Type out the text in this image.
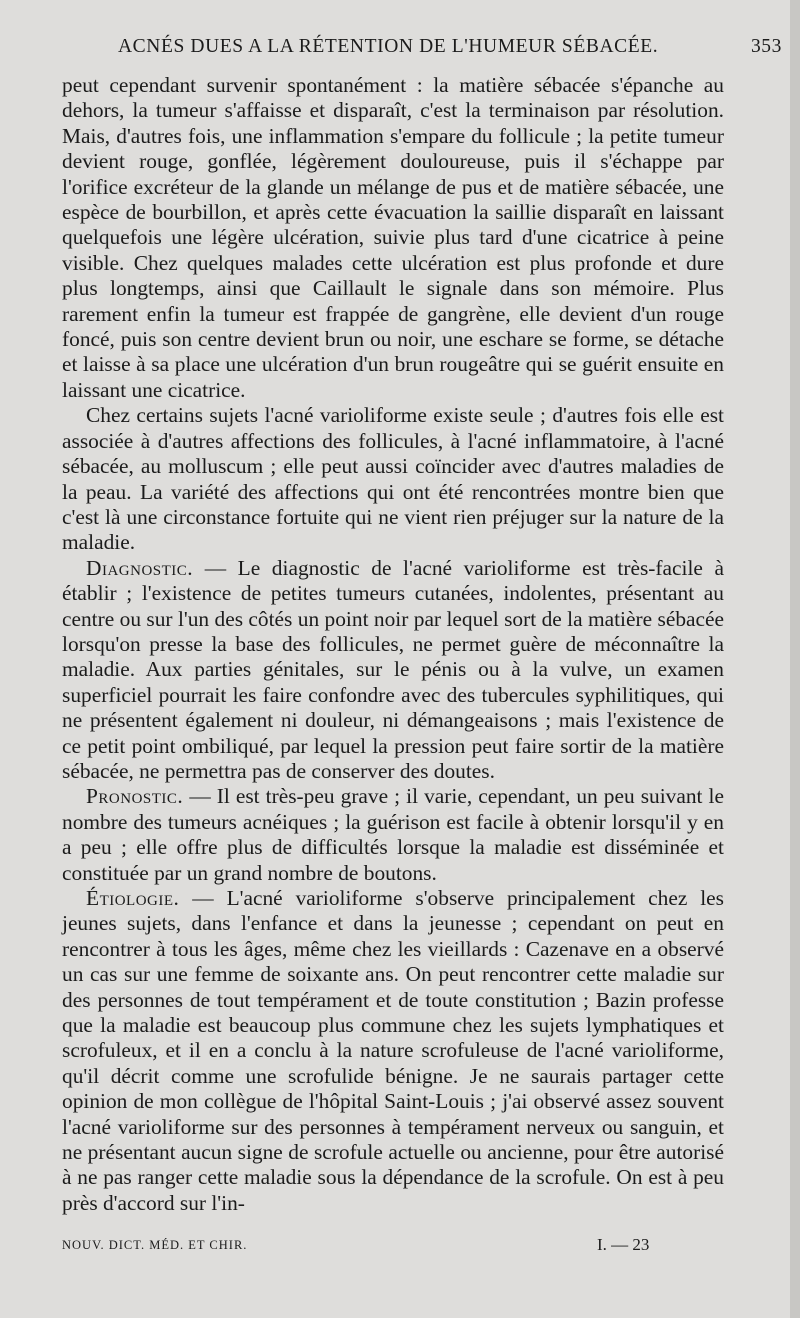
ACNÉS DUES A LA RÉTENTION DE L'HUMEUR SÉBACÉE.	353

peut cependant survenir spontanément : la matière sébacée s'épanche au dehors, la tumeur s'affaisse et disparaît, c'est la terminaison par résolution. Mais, d'autres fois, une inflammation s'empare du follicule ; la petite tumeur devient rouge, gonflée, légèrement douloureuse, puis il s'échappe par l'orifice excréteur de la glande un mélange de pus et de matière sébacée, une espèce de bourbillon, et après cette évacuation la saillie disparaît en laissant quelquefois une légère ulcération, suivie plus tard d'une cicatrice à peine visible. Chez quelques malades cette ulcération est plus profonde et dure plus longtemps, ainsi que Caillault le signale dans son mémoire. Plus rarement enfin la tumeur est frappée de gangrène, elle devient d'un rouge foncé, puis son centre devient brun ou noir, une eschare se forme, se détache et laisse à sa place une ulcération d'un brun rougeâtre qui se guérit ensuite en laissant une cicatrice.

Chez certains sujets l'acné varioliforme existe seule ; d'autres fois elle est associée à d'autres affections des follicules, à l'acné inflammatoire, à l'acné sébacée, au molluscum ; elle peut aussi coïncider avec d'autres maladies de la peau. La variété des affections qui ont été rencontrées montre bien que c'est là une circonstance fortuite qui ne vient rien préjuger sur la nature de la maladie.

Diagnostic. — Le diagnostic de l'acné varioliforme est très-facile à établir ; l'existence de petites tumeurs cutanées, indolentes, présentant au centre ou sur l'un des côtés un point noir par lequel sort de la matière sébacée lorsqu'on presse la base des follicules, ne permet guère de méconnaître la maladie. Aux parties génitales, sur le pénis ou à la vulve, un examen superficiel pourrait les faire confondre avec des tubercules syphilitiques, qui ne présentent également ni douleur, ni démangeaisons ; mais l'existence de ce petit point ombiliqué, par lequel la pression peut faire sortir de la matière sébacée, ne permettra pas de conserver des doutes.

Pronostic. — Il est très-peu grave ; il varie, cependant, un peu suivant le nombre des tumeurs acnéiques ; la guérison est facile à obtenir lorsqu'il y en a peu ; elle offre plus de difficultés lorsque la maladie est disséminée et constituée par un grand nombre de boutons.

Étiologie. — L'acné varioliforme s'observe principalement chez les jeunes sujets, dans l'enfance et dans la jeunesse ; cependant on peut en rencontrer à tous les âges, même chez les vieillards : Cazenave en a observé un cas sur une femme de soixante ans. On peut rencontrer cette maladie sur des personnes de tout tempérament et de toute constitution ; Bazin professe que la maladie est beaucoup plus commune chez les sujets lymphatiques et scrofuleux, et il en a conclu à la nature scrofuleuse de l'acné varioliforme, qu'il décrit comme une scrofulide bénigne. Je ne saurais partager cette opinion de mon collègue de l'hôpital Saint-Louis ; j'ai observé assez souvent l'acné varioliforme sur des personnes à tempérament nerveux ou sanguin, et ne présentant aucun signe de scrofule actuelle ou ancienne, pour être autorisé à ne pas ranger cette maladie sous la dépendance de la scrofule. On est à peu près d'accord sur l'in-

NOUV. DICT. MÉD. ET CHIR.	I. — 23
